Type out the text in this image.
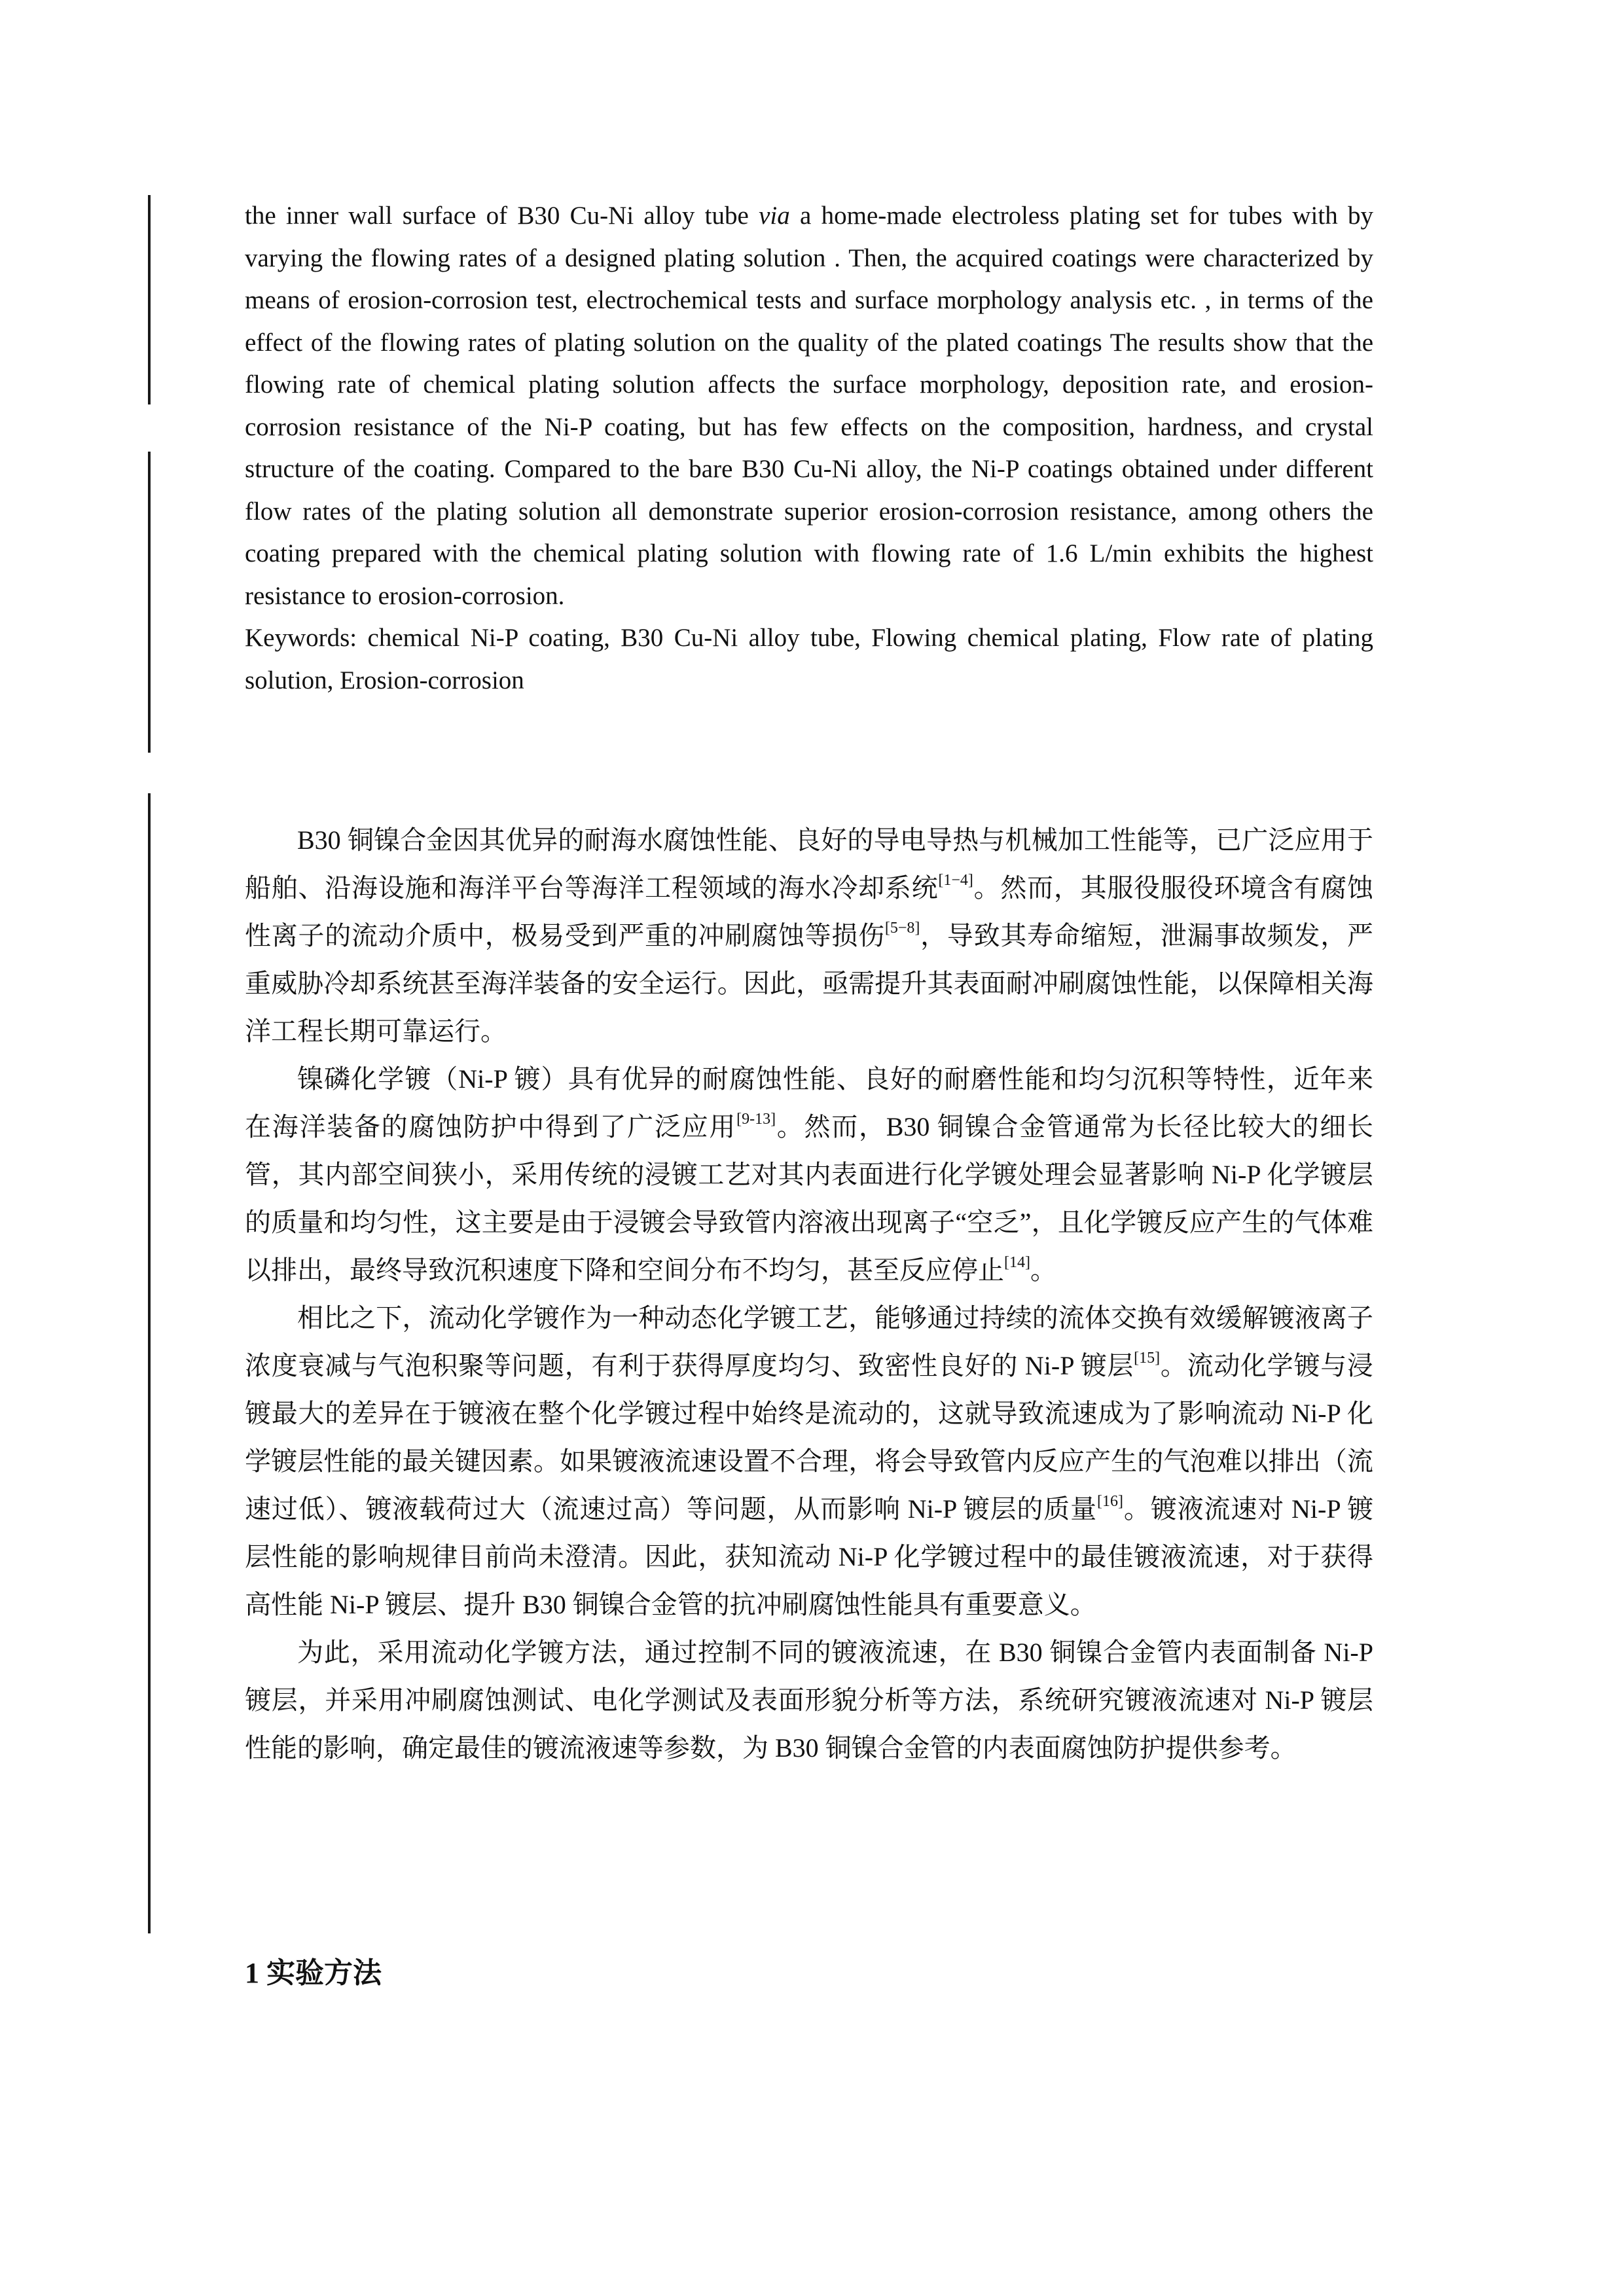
the inner wall surface of B30 Cu-Ni alloy tube via a home-made electroless plating set for tubes with by varying the flowing rates of a designed plating solution . Then, the acquired coatings were characterized by means of erosion-corrosion test, electrochemical tests and surface morphology analysis etc. , in terms of the effect of the flowing rates of plating solution on the quality of the plated coatings The results show that the flowing rate of chemical plating solution affects the surface morphology, deposition rate, and erosion-corrosion resistance of the Ni-P coating, but has few effects on the composition, hardness, and crystal structure of the coating. Compared to the bare B30 Cu-Ni alloy, the Ni-P coatings obtained under different flow rates of the plating solution all demonstrate superior erosion-corrosion resistance, among others the coating prepared with the chemical plating solution with flowing rate of 1.6 L/min exhibits the highest resistance to erosion-corrosion.

Keywords: chemical Ni-P coating, B30 Cu-Ni alloy tube, Flowing chemical plating, Flow rate of plating solution, Erosion-corrosion

B30 铜镍合金因其优异的耐海水腐蚀性能、良好的导电导热与机械加工性能等，已广泛应用于船舶、沿海设施和海洋平台等海洋工程领域的海水冷却系统[1−4]。然而，其服役服役环境含有腐蚀性离子的流动介质中，极易受到严重的冲刷腐蚀等损伤[5−8]，导致其寿命缩短，泄漏事故频发，严重威胁冷却系统甚至海洋装备的安全运行。因此，亟需提升其表面耐冲刷腐蚀性能，以保障相关海洋工程长期可靠运行。

镍磷化学镀（Ni-P 镀）具有优异的耐腐蚀性能、良好的耐磨性能和均匀沉积等特性，近年来在海洋装备的腐蚀防护中得到了广泛应用[9-13]。然而，B30 铜镍合金管通常为长径比较大的细长管，其内部空间狭小，采用传统的浸镀工艺对其内表面进行化学镀处理会显著影响 Ni-P 化学镀层的质量和均匀性，这主要是由于浸镀会导致管内溶液出现离子“空乏”，且化学镀反应产生的气体难以排出，最终导致沉积速度下降和空间分布不均匀，甚至反应停止[14]。

相比之下，流动化学镀作为一种动态化学镀工艺，能够通过持续的流体交换有效缓解镀液离子浓度衰减与气泡积聚等问题，有利于获得厚度均匀、致密性良好的 Ni-P 镀层[15]。流动化学镀与浸镀最大的差异在于镀液在整个化学镀过程中始终是流动的，这就导致流速成为了影响流动 Ni-P 化学镀层性能的最关键因素。如果镀液流速设置不合理，将会导致管内反应产生的气泡难以排出（流速过低）、镀液载荷过大（流速过高）等问题，从而影响 Ni-P 镀层的质量[16]。镀液流速对 Ni-P 镀层性能的影响规律目前尚未澄清。因此，获知流动 Ni-P 化学镀过程中的最佳镀液流速，对于获得高性能 Ni-P 镀层、提升 B30 铜镍合金管的抗冲刷腐蚀性能具有重要意义。

为此，采用流动化学镀方法，通过控制不同的镀液流速，在 B30 铜镍合金管内表面制备 Ni-P 镀层，并采用冲刷腐蚀测试、电化学测试及表面形貌分析等方法，系统研究镀液流速对 Ni-P 镀层性能的影响，确定最佳的镀流液速等参数，为 B30 铜镍合金管的内表面腐蚀防护提供参考。

1 实验方法
